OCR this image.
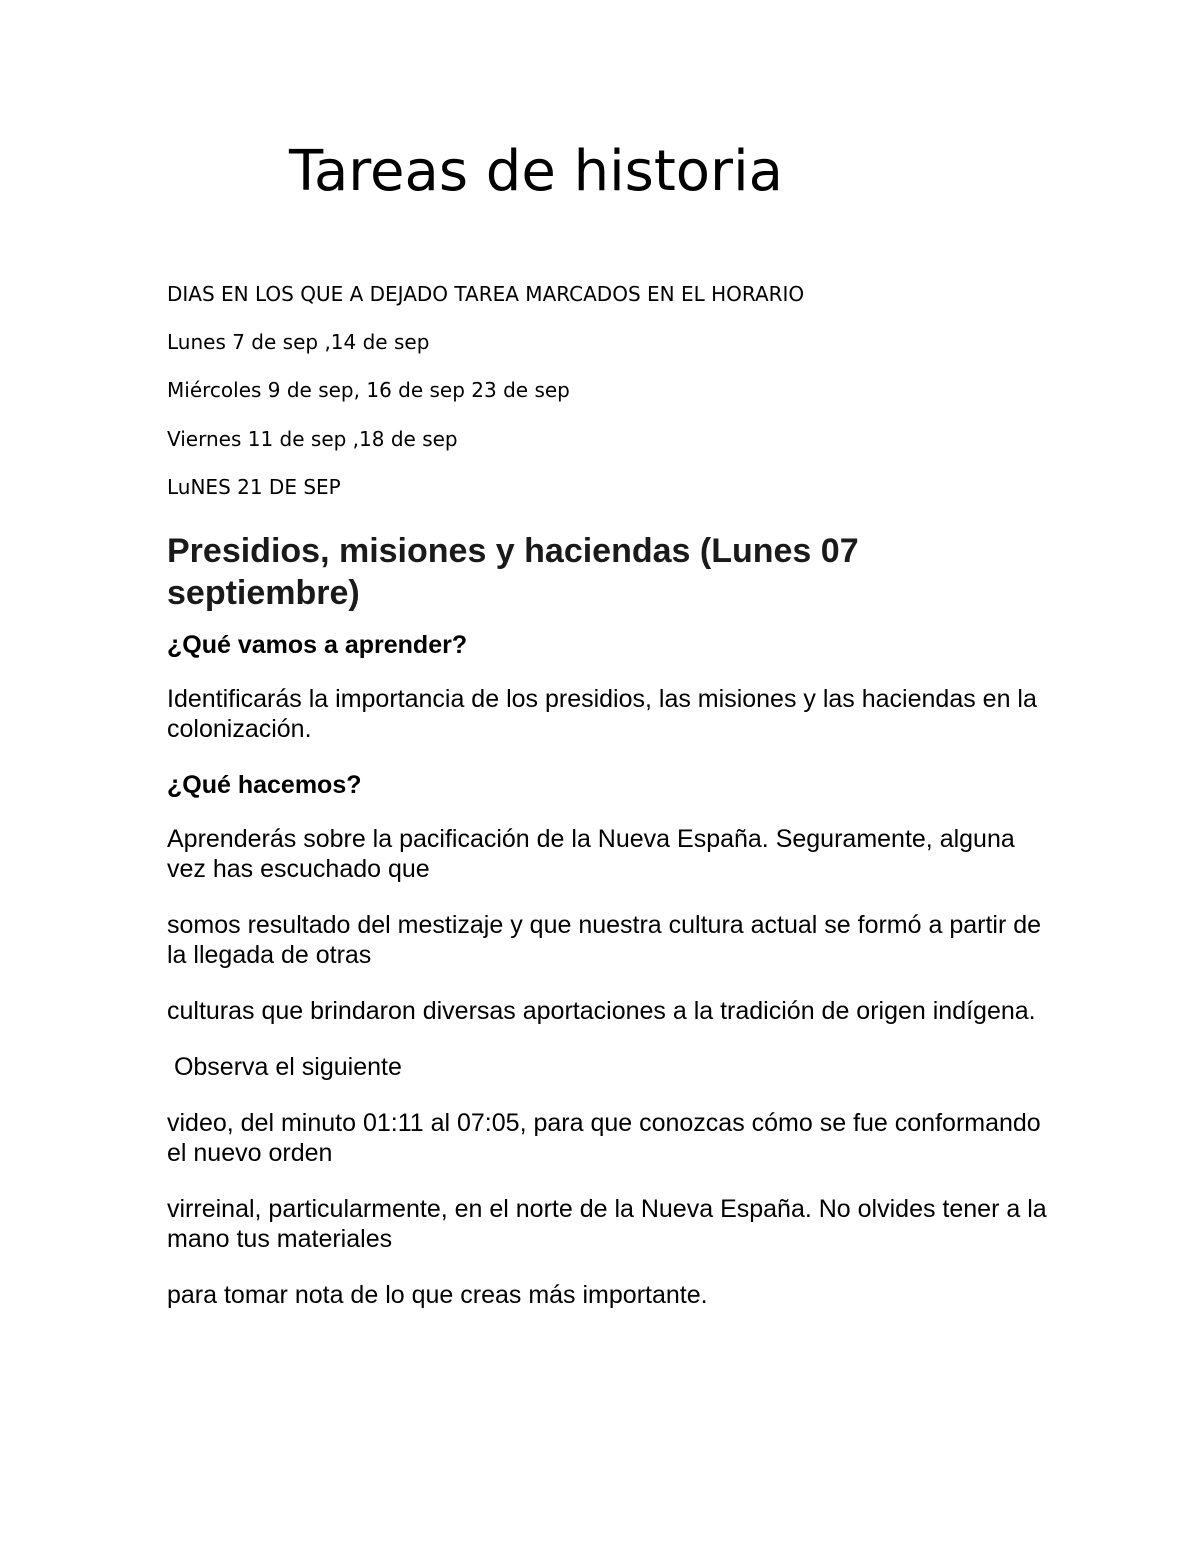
Tareas de historia

DIAS EN LOS QUE A DEJADO TAREA MARCADOS EN EL HORARIO

Lunes 7 de sep ,14 de sep

Miércoles 9 de sep, 16 de sep 23 de sep

Viernes 11 de sep ,18 de sep

LuNES 21 DE SEP

Presidios, misiones y haciendas (Lunes 07 septiembre)

¿Qué vamos a aprender?

Identificarás la importancia de los presidios, las misiones y las haciendas en la colonización.

¿Qué hacemos?

Aprenderás sobre la pacificación de la Nueva España. Seguramente, alguna vez has escuchado que

somos resultado del mestizaje y que nuestra cultura actual se formó a partir de la llegada de otras

culturas que brindaron diversas aportaciones a la tradición de origen indígena.

Observa el siguiente

video, del minuto 01:11 al 07:05, para que conozcas cómo se fue conformando el nuevo orden

virreinal, particularmente, en el norte de la Nueva España. No olvides tener a la mano tus materiales

para tomar nota de lo que creas más importante.
